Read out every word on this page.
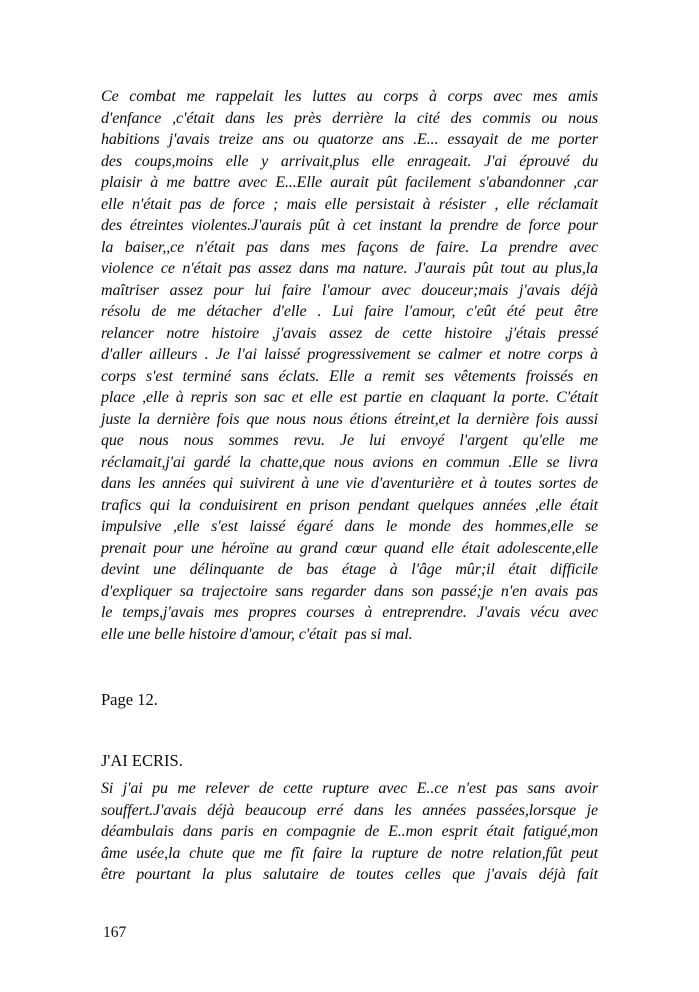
Ce combat me rappelait les luttes au corps à corps avec mes amis
d'enfance ,c'était dans les près derrière la cité des commis ou nous
habitions j'avais treize ans ou quatorze ans .E... essayait de me porter
des coups,moins elle y arrivait,plus elle enrageait. J'ai éprouvé du
plaisir à me battre avec E...Elle aurait pût facilement s'abandonner ,car
elle n'était pas de force ; mais elle persistait à résister , elle réclamait
des étreintes violentes.J'aurais pût à cet instant la prendre de force pour
la baiser,,ce n'était pas dans mes façons de faire. La prendre avec
violence ce n'était pas assez dans ma nature. J'aurais pût tout au plus,la
maîtriser assez pour lui faire l'amour avec douceur;mais j'avais déjà
résolu de me détacher d'elle . Lui faire l'amour, c'eût été peut être
relancer notre histoire ,j'avais assez de cette histoire ,j'étais pressé
d'aller ailleurs . Je l'ai laissé progressivement se calmer et notre corps à
corps s'est terminé sans éclats. Elle a remit ses vêtements froissés en
place ,elle à repris son sac et elle est partie en claquant la porte. C'était
juste la dernière fois que nous nous étions étreint,et la dernière fois aussi
que nous nous sommes revu. Je lui envoyé l'argent qu'elle me
réclamait,j'ai gardé la chatte,que nous avions en commun .Elle se livra
dans les années qui suivirent à une vie d'aventurière et à toutes sortes de
trafics qui la conduisirent en prison pendant quelques années ,elle était
impulsive ,elle s'est laissé égaré dans le monde des hommes,elle se
prenait pour une héroïne au grand cœur quand elle était adolescente,elle
devint une délinquante de bas étage à l'âge mûr;il était difficile
d'expliquer sa trajectoire sans regarder dans son passé;je n'en avais pas
le temps,j'avais mes propres courses à entreprendre. J'avais vécu avec
elle une belle histoire d'amour, c'était  pas si mal.
Page 12.
J'AI ECRIS.
Si j'ai pu me relever de cette rupture avec E..ce n'est pas sans avoir
souffert.J'avais déjà beaucoup erré dans les années passées,lorsque je
déambulais dans paris en compagnie de E..mon esprit était fatigué,mon
âme usée,la chute que me fît faire la rupture de notre relation,fût peut
être pourtant la plus salutaire de toutes celles que j'avais déjà fait
167
